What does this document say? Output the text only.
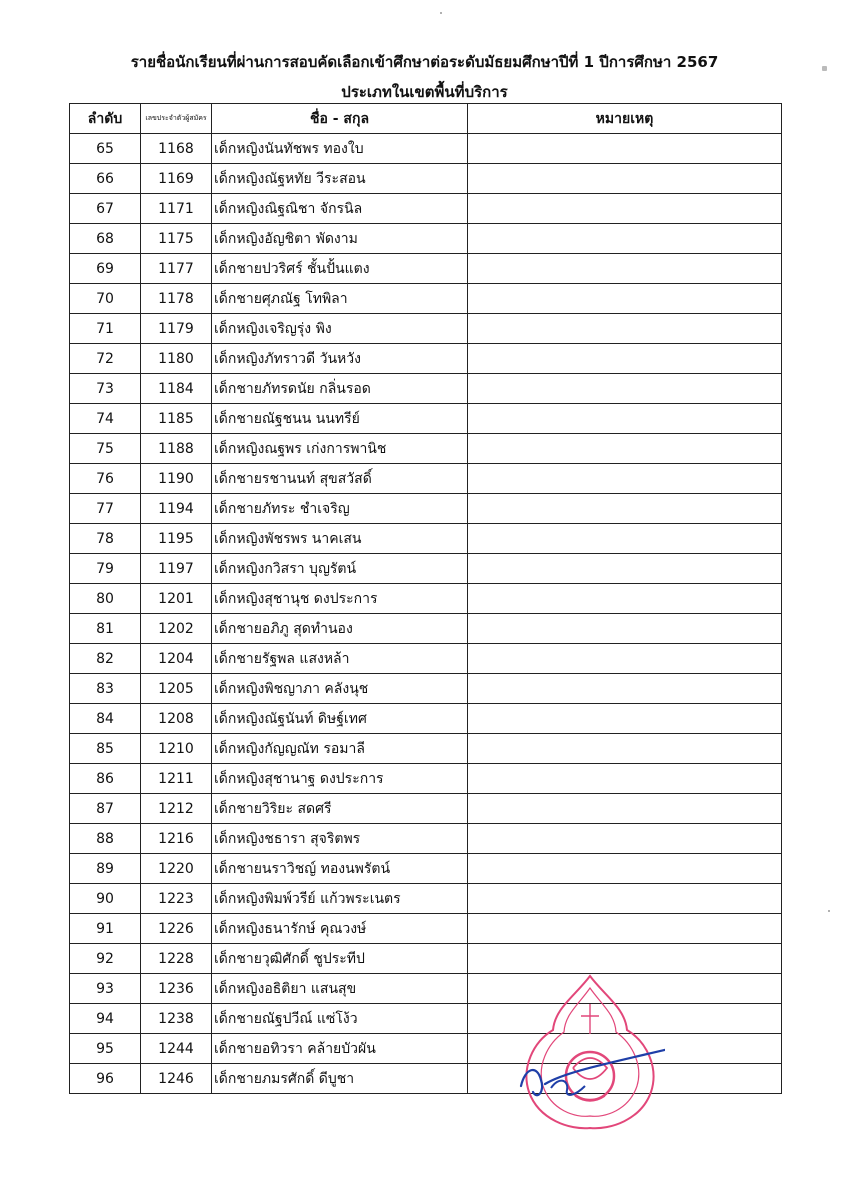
รายชื่อนักเรียนที่ผ่านการสอบคัดเลือกเข้าศึกษาต่อระดับมัธยมศึกษาปีที่ 1 ปีการศึกษา 2567
ประเภทในเขตพื้นที่บริการ
ลำดับ	เลขประจำตัวผู้สมัคร	ชื่อ - สกุล	หมายเหตุ
65	1168	เด็กหญิงนันทัชพร ทองใบ	
66	1169	เด็กหญิงณัฐหทัย วีระสอน	
67	1171	เด็กหญิงณิฐณิชา จักรนิล	
68	1175	เด็กหญิงอัญชิตา พัดงาม	
69	1177	เด็กชายปวริศร์ ชั้นปั้นแตง	
70	1178	เด็กชายศุภณัฐ โทพิลา	
71	1179	เด็กหญิงเจริญรุ่ง พิง	
72	1180	เด็กหญิงภัทราวดี วันหวัง	
73	1184	เด็กชายภัทรดนัย กลิ่นรอด	
74	1185	เด็กชายณัฐชนน นนทรีย์	
75	1188	เด็กหญิงณฐพร เก่งการพานิช	
76	1190	เด็กชายรชานนท์ สุขสวัสดิ์	
77	1194	เด็กชายภัทระ ชำเจริญ	
78	1195	เด็กหญิงพัชรพร นาคเสน	
79	1197	เด็กหญิงกวิสรา บุญรัตน์	
80	1201	เด็กหญิงสุชานุช ดงประการ	
81	1202	เด็กชายอภิภู สุดทำนอง	
82	1204	เด็กชายรัฐพล แสงหล้า	
83	1205	เด็กหญิงพิชญาภา คลังนุช	
84	1208	เด็กหญิงณัฐนันท์ ดิษฐ์เทศ	
85	1210	เด็กหญิงกัญญณัท รอมาลี	
86	1211	เด็กหญิงสุชานาฐ ดงประการ	
87	1212	เด็กชายวิริยะ สดศรี	
88	1216	เด็กหญิงชธารา สุจริตพร	
89	1220	เด็กชายนราวิชญ์ ทองนพรัตน์	
90	1223	เด็กหญิงพิมพ์วรีย์ แก้วพระเนตร	
91	1226	เด็กหญิงธนารักษ์ คุณวงษ์	
92	1228	เด็กชายวุฒิศักดิ์ ชูประทีป	
93	1236	เด็กหญิงอธิติยา แสนสุข	
94	1238	เด็กชายณัฐปวีณ์ แซ่โง้ว	
95	1244	เด็กชายอทิวรา คล้ายบัวผัน	
96	1246	เด็กชายภมรศักดิ์ ดีบูชา	
